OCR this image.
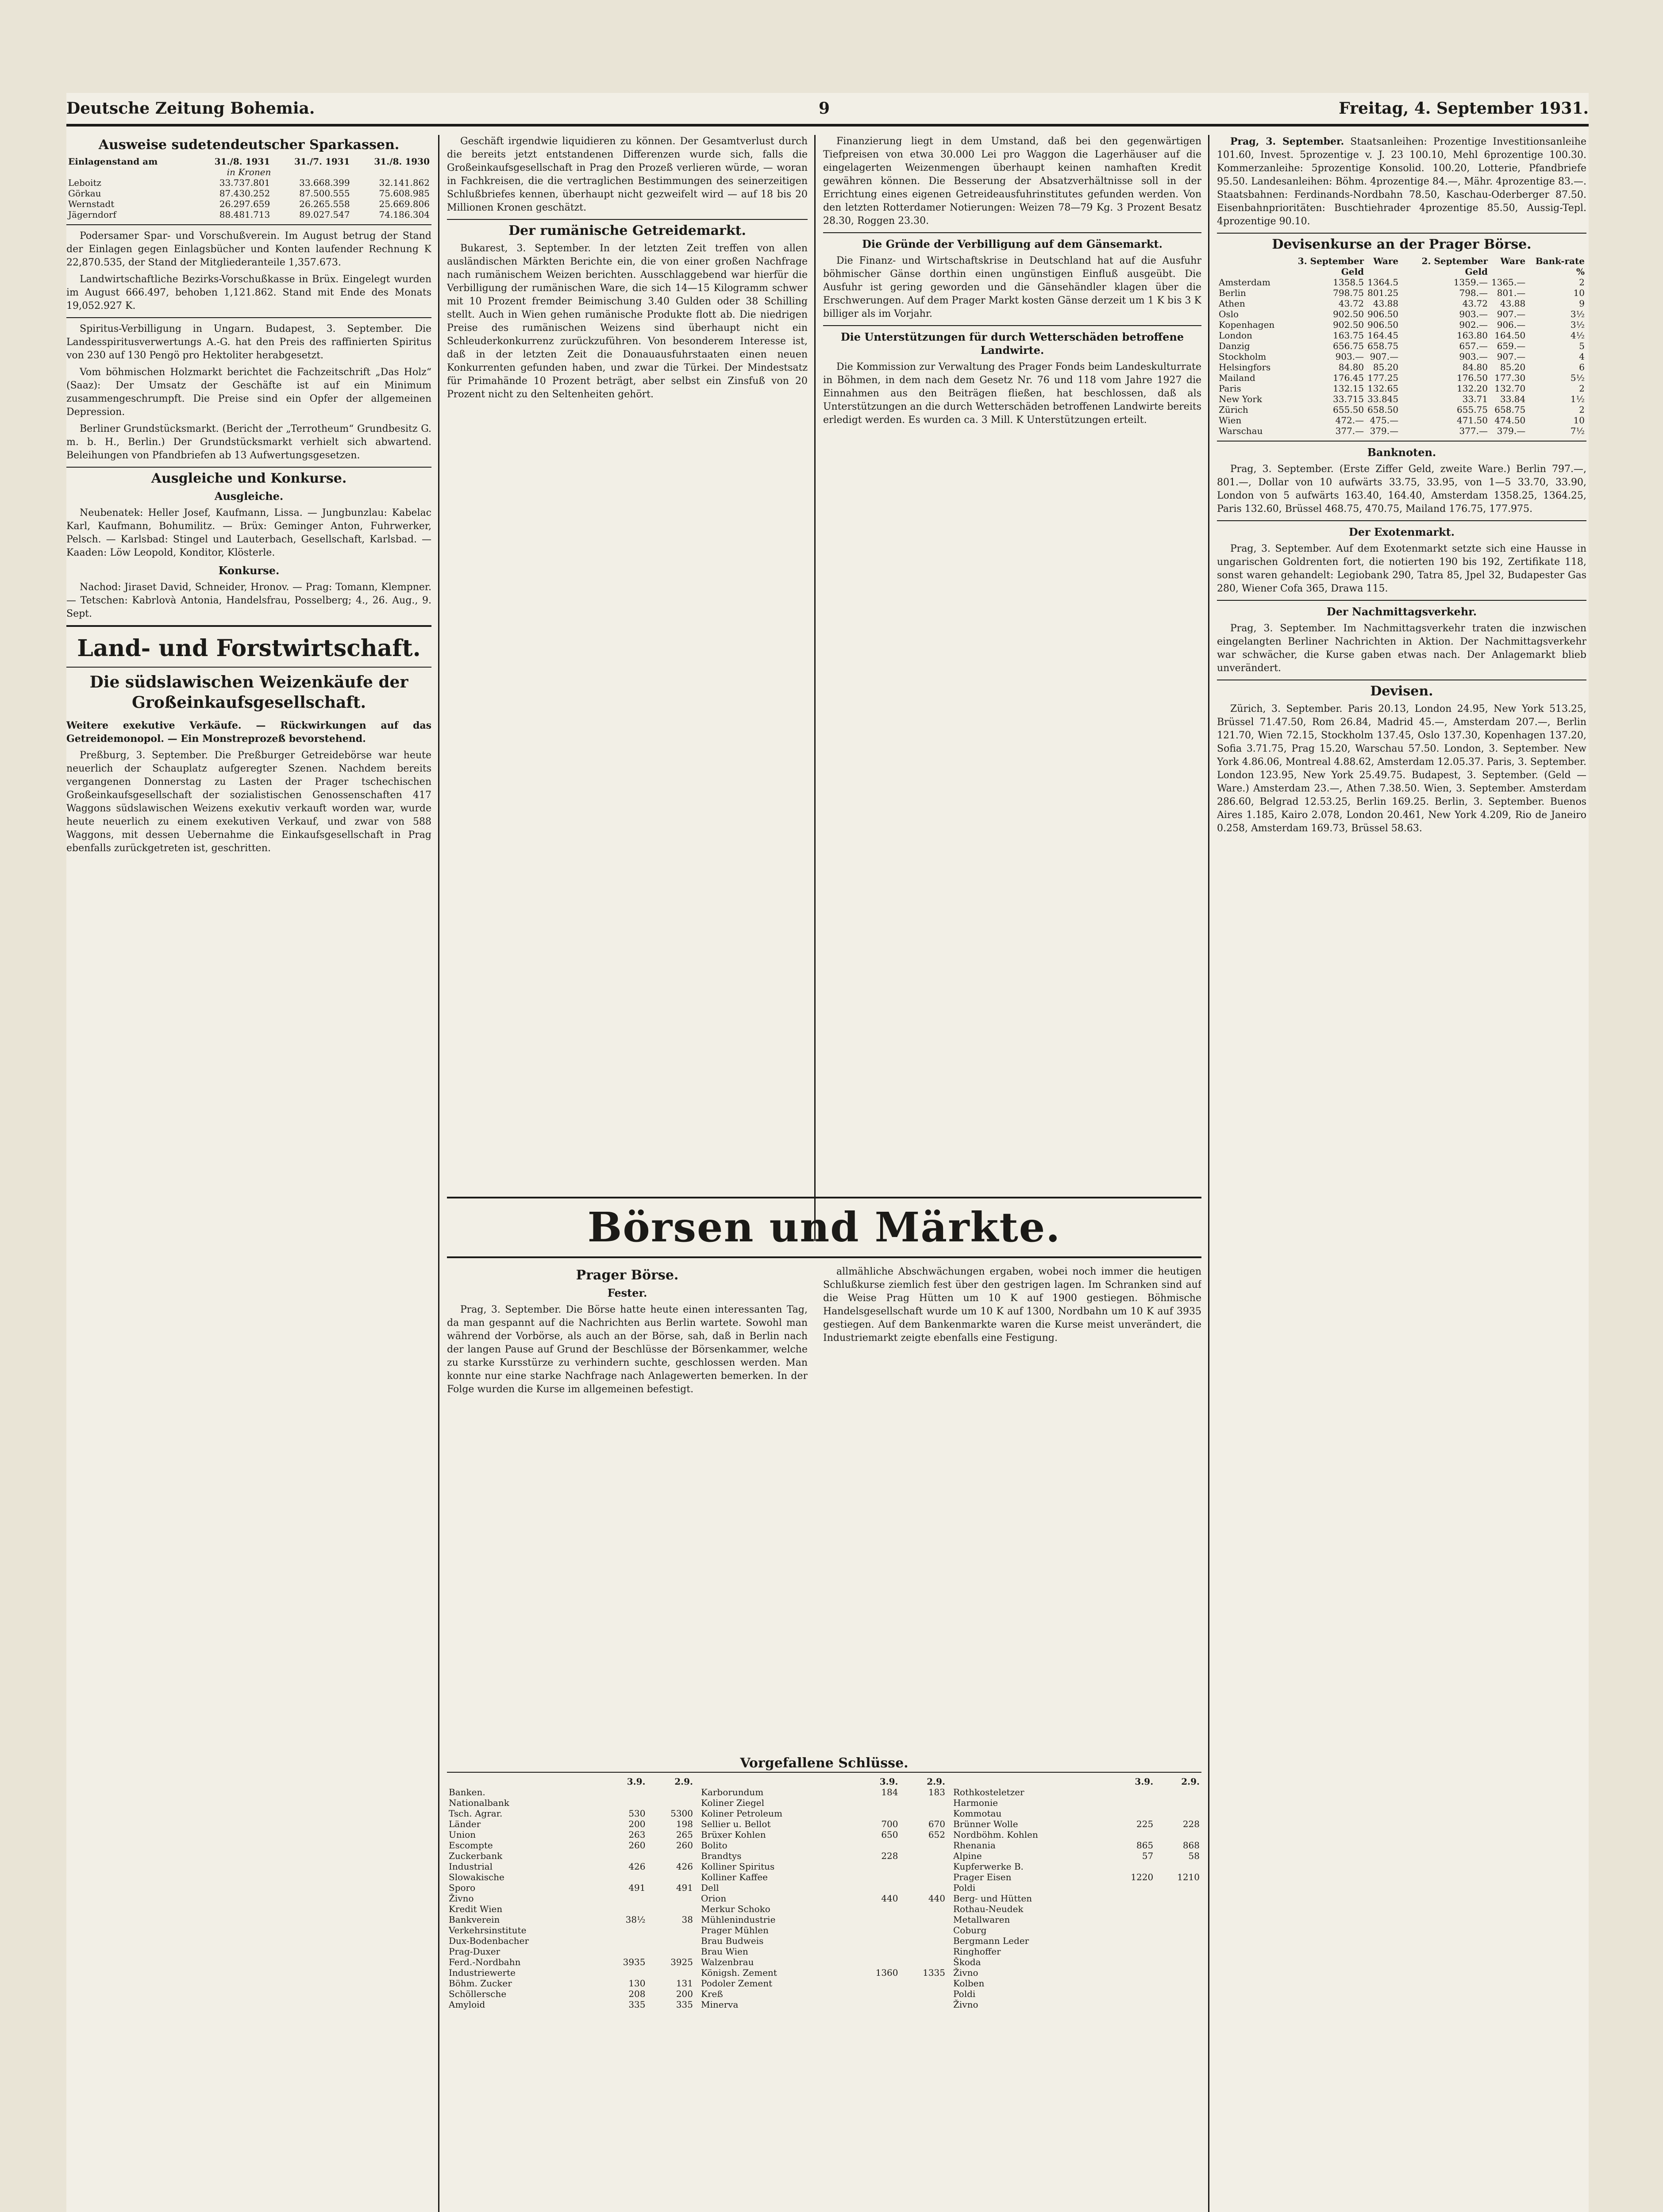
Deutsche Zeitung Bohemia.	9	Freitag, 4. September 1931.
Ausweise sudetendeutscher Sparkassen.
Einlagenstand am	31./8. 1931	31./7. 1931	31./8. 1930
in Kronen			
Leboitz	33.737.801	33.668.399	32.141.862
Görkau	87.430.252	87.500.555	75.608.985
Wernstadt	26.297.659	26.265.558	25.669.806
Jägerndorf	88.481.713	89.027.547	74.186.304

Podersamer Spar- und Vorschußverein. Im August betrug der Stand der Einlagen gegen Einlagsbücher und Konten laufender Rechnung K 22,870.535, der Stand der Mitgliederanteile 1,357.673.

Landwirtschaftliche Bezirks-Vorschußkasse in Brüx. Eingelegt wurden im August 666.497, behoben 1,121.862. Stand mit Ende des Monats 19,052.927 K.

Spiritus-Verbilligung in Ungarn. Budapest, 3. September. Die Landesspiritusverwertungs A.-G. hat den Preis des raffinierten Spiritus von 230 auf 130 Pengö pro Hektoliter herabgesetzt.

Vom böhmischen Holzmarkt berichtet die Fachzeitschrift „Das Holz“ (Saaz): Der Umsatz der Geschäfte ist auf ein Minimum zusammengeschrumpft. Die Preise sind ein Opfer der allgemeinen Depression.

Berliner Grundstücksmarkt. (Bericht der „Terrotheum“ Grundbesitz G. m. b. H., Berlin.) Der Grundstücksmarkt verhielt sich abwartend. Beleihungen von Pfandbriefen ab 13 Aufwertungsgesetzen.

Ausgleiche und Konkurse.
Ausgleiche.

Neubenatek: Heller Josef, Kaufmann, Lissa. — Jungbunzlau: Kabelac Karl, Kaufmann, Bohumilitz. — Brüx: Geminger Anton, Fuhrwerker, Pelsch. — Karlsbad: Stingel und Lauterbach, Gesellschaft, Karlsbad. — Kaaden: Löw Leopold, Konditor, Klösterle.

Konkurse.

Nachod: Jiraset David, Schneider, Hronov. — Prag: Tomann, Klempner. — Tetschen: Kabrlovà Antonia, Handelsfrau, Posselberg; 4., 26. Aug., 9. Sept.

Land- und Forstwirtschaft.
Die südslawischen Weizenkäufe der Großeinkaufsgesellschaft.

Weitere exekutive Verkäufe. — Rückwirkungen auf das Getreidemonopol. — Ein Monstreprozeß bevorstehend.

Preßburg, 3. September. Die Preßburger Getreidebörse war heute neuerlich der Schauplatz aufgeregter Szenen. Nachdem bereits vergangenen Donnerstag zu Lasten der Prager tschechischen Großeinkaufsgesellschaft der sozialistischen Genossenschaften 417 Waggons südslawischen Weizens exekutiv verkauft worden war, wurde heute neuerlich zu einem exekutiven Verkauf, und zwar von 588 Waggons, mit dessen Uebernahme die Einkaufsgesellschaft in Prag ebenfalls zurückgetreten ist, geschritten.

Geschäft irgendwie liquidieren zu können. Der Gesamtverlust durch die bereits jetzt entstandenen Differenzen wurde sich, falls die Großeinkaufsgesellschaft in Prag den Prozeß verlieren würde, — woran in Fachkreisen, die die vertraglichen Bestimmungen des seinerzeitigen Schlußbriefes kennen, überhaupt nicht gezweifelt wird — auf 18 bis 20 Millionen Kronen geschätzt.

Der rumänische Getreidemarkt.

Bukarest, 3. September. In der letzten Zeit treffen von allen ausländischen Märkten Berichte ein, die von einer großen Nachfrage nach rumänischem Weizen berichten. Ausschlaggebend war hierfür die Verbilligung der rumänischen Ware, die sich 14—15 Kilogramm schwer mit 10 Prozent fremder Beimischung 3.40 Gulden oder 38 Schilling stellt. Auch in Wien gehen rumänische Produkte flott ab. Die niedrigen Preise des rumänischen Weizens sind überhaupt nicht ein Schleuderkonkurrenz zurückzuführen. Von besonderem Interesse ist, daß in der letzten Zeit die Donauausfuhrstaaten einen neuen Konkurrenten gefunden haben, und zwar die Türkei. Der Mindestsatz für Primahände 10 Prozent beträgt, aber selbst ein Zinsfuß von 20 Prozent nicht zu den Seltenheiten gehört.

Finanzierung liegt in dem Umstand, daß bei den gegenwärtigen Tiefpreisen von etwa 30.000 Lei pro Waggon die Lagerhäuser auf die eingelagerten Weizenmengen überhaupt keinen namhaften Kredit gewähren können. Die Besserung der Absatzverhältnisse soll in der Errichtung eines eigenen Getreideausfuhrinstitutes gefunden werden. Von den letzten Rotterdamer Notierungen: Weizen 78—79 Kg. 3 Prozent Besatz 28.30, Roggen 23.30.

Die Gründe der Verbilligung auf dem Gänsemarkt.

Die Finanz- und Wirtschaftskrise in Deutschland hat auf die Ausfuhr böhmischer Gänse dorthin einen ungünstigen Einfluß ausgeübt. Die Ausfuhr ist gering geworden und die Gänsehändler klagen über die Erschwerungen. Auf dem Prager Markt kosten Gänse derzeit um 1 K bis 3 K billiger als im Vorjahr.

Die Unterstützungen für durch Wetterschäden betroffene Landwirte.

Die Kommission zur Verwaltung des Prager Fonds beim Landeskulturrate in Böhmen, in dem nach dem Gesetz Nr. 76 und 118 vom Jahre 1927 die Einnahmen aus den Beiträgen fließen, hat beschlossen, daß als Unterstützungen an die durch Wetterschäden betroffenen Landwirte bereits erledigt werden. Es wurden ca. 3 Mill. K Unterstützungen erteilt.

Prag, 3. September. Staatsanleihen: Prozentige Investitionsanleihe 101.60, Invest. 5prozentige v. J. 23 100.10, Mehl 6prozentige 100.30. Kommerzanleihe: 5prozentige Konsolid. 100.20, Lotterie, Pfandbriefe 95.50. Landesanleihen: Böhm. 4prozentige 84.—, Mähr. 4prozentige 83.—. Staatsbahnen: Ferdinands-Nordbahn 78.50, Kaschau-Oderberger 87.50. Eisenbahnprioritäten: Buschtiehrader 4prozentige 85.50, Aussig-Tepl. 4prozentige 90.10.

Devisenkurse an der Prager Börse.
	3. September Geld	Ware	2. September Geld	Ware	Bank-rate %
Amsterdam	1358.5	1364.5	1359.—	1365.—	2
Berlin	798.75	801.25	798.—	801.—	10
Athen	43.72	43.88	43.72	43.88	9
Oslo	902.50	906.50	903.—	907.—	3½
Kopenhagen	902.50	906.50	902.—	906.—	3½
London	163.75	164.45	163.80	164.50	4½
Danzig	656.75	658.75	657.—	659.—	5
Stockholm	903.—	907.—	903.—	907.—	4
Helsingfors	84.80	85.20	84.80	85.20	6
Mailand	176.45	177.25	176.50	177.30	5½
Paris	132.15	132.65	132.20	132.70	2
New York	33.715	33.845	33.71	33.84	1½
Zürich	655.50	658.50	655.75	658.75	2
Wien	472.—	475.—	471.50	474.50	10
Warschau	377.—	379.—	377.—	379.—	7½
Banknoten.

Prag, 3. September. (Erste Ziffer Geld, zweite Ware.) Berlin 797.—, 801.—, Dollar von 10 aufwärts 33.75, 33.95, von 1—5 33.70, 33.90, London von 5 aufwärts 163.40, 164.40, Amsterdam 1358.25, 1364.25, Paris 132.60, Brüssel 468.75, 470.75, Mailand 176.75, 177.975.

Der Exotenmarkt.

Prag, 3. September. Auf dem Exotenmarkt setzte sich eine Hausse in ungarischen Goldrenten fort, die notierten 190 bis 192, Zertifikate 118, sonst waren gehandelt: Legiobank 290, Tatra 85, Jpel 32, Budapester Gas 280, Wiener Cofa 365, Drawa 115.

Der Nachmittagsverkehr.

Prag, 3. September. Im Nachmittagsverkehr traten die inzwischen eingelangten Berliner Nachrichten in Aktion. Der Nachmittagsverkehr war schwächer, die Kurse gaben etwas nach. Der Anlagemarkt blieb unverändert.

Devisen.

Zürich, 3. September. Paris 20.13, London 24.95, New York 513.25, Brüssel 71.47.50, Rom 26.84, Madrid 45.—, Amsterdam 207.—, Berlin 121.70, Wien 72.15, Stockholm 137.45, Oslo 137.30, Kopenhagen 137.20, Sofia 3.71.75, Prag 15.20, Warschau 57.50. London, 3. September. New York 4.86.06, Montreal 4.88.62, Amsterdam 12.05.37. Paris, 3. September. London 123.95, New York 25.49.75. Budapest, 3. September. (Geld — Ware.) Amsterdam 23.—, Athen 7.38.50. Wien, 3. September. Amsterdam 286.60, Belgrad 12.53.25, Berlin 169.25. Berlin, 3. September. Buenos Aires 1.185, Kairo 2.078, London 20.461, New York 4.209, Rio de Janeiro 0.258, Amsterdam 169.73, Brüssel 58.63.

Börsen und Märkte.
Prager Börse.
Fester.

Prag, 3. September. Die Börse hatte heute einen interessanten Tag, da man gespannt auf die Nachrichten aus Berlin wartete. Sowohl man während der Vorbörse, als auch an der Börse, sah, daß in Berlin nach der langen Pause auf Grund der Beschlüsse der Börsenkammer, welche zu starke Kursstürze zu verhindern suchte, geschlossen werden. Man konnte nur eine starke Nachfrage nach Anlagewerten bemerken. In der Folge wurden die Kurse im allgemeinen befestigt.

allmähliche Abschwächungen ergaben, wobei noch immer die heutigen Schlußkurse ziemlich fest über den gestrigen lagen. Im Schranken sind auf die Weise Prag Hütten um 10 K auf 1900 gestiegen. Böhmische Handelsgesellschaft wurde um 10 K auf 1300, Nordbahn um 10 K auf 3935 gestiegen. Auf dem Bankenmarkte waren die Kurse meist unverändert, die Industriemarkt zeigte ebenfalls eine Festigung.

Vorgefallene Schlüsse.
	3.9.	2.9.
Banken.		
Nationalbank		
Tsch. Agrar.	530	5300
Länder	200	198
Union	263	265
Escompte	260	260
Zuckerbank		
Industrial	426	426
Slowakische		
Sporo	491	491
Živno		
Kredit Wien		
Bankverein	38½	38
Verkehrsinstitute		
Dux-Bodenbacher		
Prag-Duxer		
Ferd.-Nordbahn	3935	3925
Industriewerte		
Böhm. Zucker	130	131
Schöllersche	208	200
Amyloid	335	335
	3.9.	2.9.
Karborundum	184	183
Koliner Ziegel		
Koliner Petroleum		
Sellier u. Bellot	700	670
Brüxer Kohlen	650	652
Bolito		
Brandtys	228	
Kolliner Spiritus		
Kolliner Kaffee		
Dell		
Orion	440	440
Merkur Schoko		
Mühlenindustrie		
Prager Mühlen		
Brau Budweis		
Brau Wien		
Walzenbrau		
Königsh. Zement	1360	1335
Podoler Zement		
Kreß		
Minerva		
	3.9.	2.9.
Rothkosteletzer		
Harmonie		
Kommotau		
Brünner Wolle	225	228
Nordböhm. Kohlen		
Rhenania	865	868
Alpine	57	58
Kupferwerke B.		
Prager Eisen	1220	1210
Poldi		
Berg- und Hütten		
Rothau-Neudek		
Metallwaren		
Coburg		
Bergmann Leder		
Ringhoffer		
Škoda		
Živno		
Kolben		
Poldi		
Živno		
